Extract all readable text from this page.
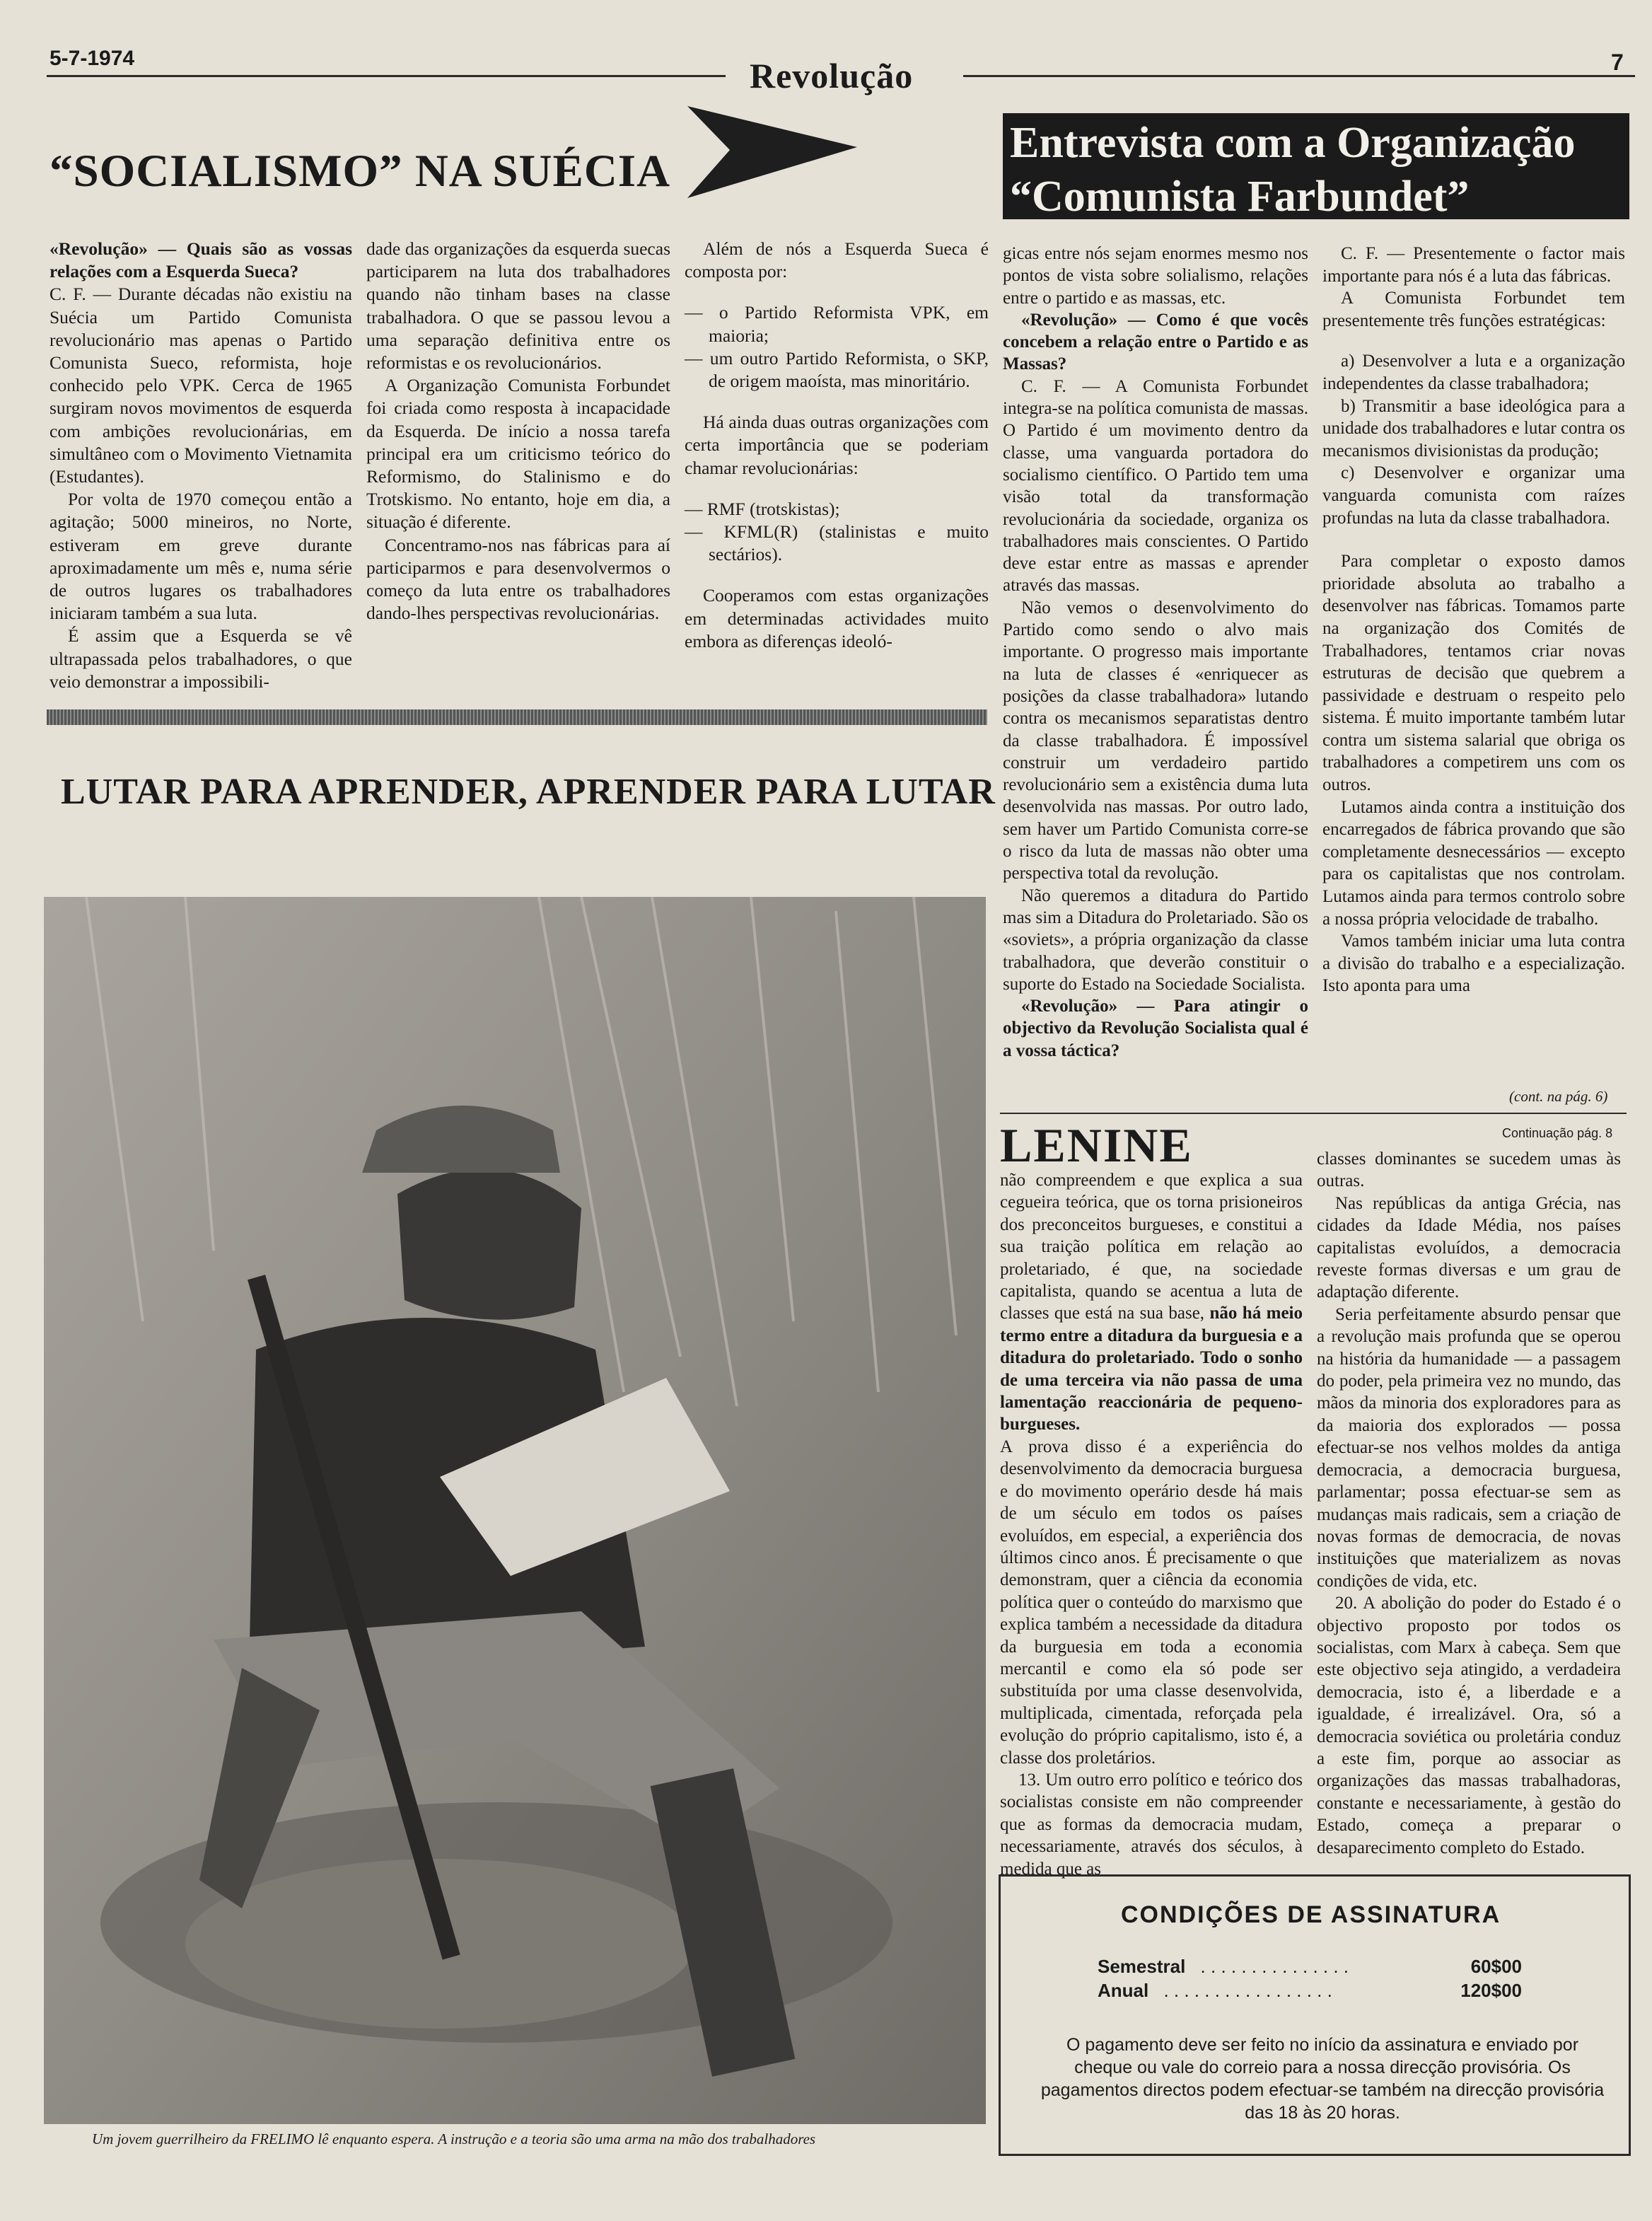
5-7-1974	Revolução	7
“SOCIALISMO” NA SUÉCIA

«Revolução» — Quais são as vossas relações com a Esquerda Sueca?

C. F. — Durante décadas não existiu na Suécia um Partido Comunista revolucionário mas apenas o Partido Comunista Sueco, reformista, hoje conhecido pelo VPK. Cerca de 1965 surgiram novos movimentos de esquerda com ambições revolucionárias, em simultâneo com o Movimento Vietnamita (Estudantes).

Por volta de 1970 começou então a agitação; 5000 mineiros, no Norte, estiveram em greve durante aproximadamente um mês e, numa série de outros lugares os trabalhadores iniciaram também a sua luta.

É assim que a Esquerda se vê ultrapassada pelos trabalhadores, o que veio demonstrar a impossibili-

dade das organizações da esquerda suecas participarem na luta dos trabalhadores quando não tinham bases na classe trabalhadora. O que se passou levou a uma separação definitiva entre os reformistas e os revolucionários.

A Organização Comunista Forbundet foi criada como resposta à incapacidade da Esquerda. De início a nossa tarefa principal era um criticismo teórico do Reformismo, do Stalinismo e do Trotskismo. No entanto, hoje em dia, a situação é diferente.

Concentramo-nos nas fábricas para aí participarmos e para desenvolvermos o começo da luta entre os trabalhadores dando-lhes perspectivas revolucionárias.

Além de nós a Esquerda Sueca é composta por:

— o Partido Reformista VPK, em maioria;

— um outro Partido Reformista, o SKP, de origem maoísta, mas minoritário.

Há ainda duas outras organizações com certa importância que se poderiam chamar revolucionárias:

— RMF (trotskistas);

— KFML(R) (stalinistas e muito sectários).

Cooperamos com estas organizações em determinadas actividades muito embora as diferenças ideoló-

Entrevista com a Organização
“Comunista Farbundet”

gicas entre nós sejam enormes mesmo nos pontos de vista sobre solialismo, relações entre o partido e as massas, etc.

«Revolução» — Como é que vocês concebem a relação entre o Partido e as Massas?

C. F. — A Comunista Forbundet integra-se na política comunista de massas. O Partido é um movimento dentro da classe, uma vanguarda portadora do socialismo científico. O Partido tem uma visão total da transformação revolucionária da sociedade, organiza os trabalhadores mais conscientes. O Partido deve estar entre as massas e aprender através das massas.

Não vemos o desenvolvimento do Partido como sendo o alvo mais importante. O progresso mais importante na luta de classes é «enriquecer as posições da classe trabalhadora» lutando contra os mecanismos separatistas dentro da classe trabalhadora. É impossível construir um verdadeiro partido revolucionário sem a existência duma luta desenvolvida nas massas. Por outro lado, sem haver um Partido Comunista corre-se o risco da luta de massas não obter uma perspectiva total da revolução.

Não queremos a ditadura do Partido mas sim a Ditadura do Proletariado. São os «soviets», a própria organização da classe trabalhadora, que deverão constituir o suporte do Estado na Sociedade Socialista.

«Revolução» — Para atingir o objectivo da Revolução Socialista qual é a vossa táctica?

C. F. — Presentemente o factor mais importante para nós é a luta das fábricas.

A Comunista Forbundet tem presentemente três funções estratégicas:

a) Desenvolver a luta e a organização independentes da classe trabalhadora;

b) Transmitir a base ideológica para a unidade dos trabalhadores e lutar contra os mecanismos divisionistas da produção;

c) Desenvolver e organizar uma vanguarda comunista com raízes profundas na luta da classe trabalhadora.

Para completar o exposto damos prioridade absoluta ao trabalho a desenvolver nas fábricas. Tomamos parte na organização dos Comités de Trabalhadores, tentamos criar novas estruturas de decisão que quebrem a passividade e destruam o respeito pelo sistema. É muito importante também lutar contra um sistema salarial que obriga os trabalhadores a competirem uns com os outros.

Lutamos ainda contra a instituição dos encarregados de fábrica provando que são completamente desnecessários — excepto para os capitalistas que nos controlam. Lutamos ainda para termos controlo sobre a nossa própria velocidade de trabalho.

Vamos também iniciar uma luta contra a divisão do trabalho e a especialização. Isto aponta para uma

(cont. na pág. 6)
LUTAR PARA APRENDER, APRENDER PARA LUTAR
Um jovem guerrilheiro da FRELIMO lê enquanto espera. A instrução e a teoria são uma arma na mão dos trabalhadores
LENINE	Continuação pág. 8

não compreendem e que explica a sua cegueira teórica, que os torna prisioneiros dos preconceitos burgueses, e constitui a sua traição política em relação ao proletariado, é que, na sociedade capitalista, quando se acentua a luta de classes que está na sua base, não há meio termo entre a ditadura da burguesia e a ditadura do proletariado. Todo o sonho de uma terceira via não passa de uma lamentação reaccionária de pequeno-burgueses.

A prova disso é a experiência do desenvolvimento da democracia burguesa e do movimento operário desde há mais de um século em todos os países evoluídos, em especial, a experiência dos últimos cinco anos. É precisamente o que demonstram, quer a ciência da economia política quer o conteúdo do marxismo que explica também a necessidade da ditadura da burguesia em toda a economia mercantil e como ela só pode ser substituída por uma classe desenvolvida, multiplicada, cimentada, reforçada pela evolução do próprio capitalismo, isto é, a classe dos proletários.

13. Um outro erro político e teórico dos socialistas consiste em não compreender que as formas da democracia mudam, necessariamente, através dos séculos, à medida que as

classes dominantes se sucedem umas às outras.

Nas repúblicas da antiga Grécia, nas cidades da Idade Média, nos países capitalistas evoluídos, a democracia reveste formas diversas e um grau de adaptação diferente.

Seria perfeitamente absurdo pensar que a revolução mais profunda que se operou na história da humanidade — a passagem do poder, pela primeira vez no mundo, das mãos da minoria dos exploradores para as da maioria dos explorados — possa efectuar-se nos velhos moldes da antiga democracia, a democracia burguesa, parlamentar; possa efectuar-se sem as mudanças mais radicais, sem a criação de novas formas de democracia, de novas instituições que materializem as novas condições de vida, etc.

20. A abolição do poder do Estado é o objectivo proposto por todos os socialistas, com Marx à cabeça. Sem que este objectivo seja atingido, a verdadeira democracia, isto é, a liberdade e a igualdade, é irrealizável. Ora, só a democracia soviética ou proletária conduz a este fim, porque ao associar as organizações das massas trabalhadoras, constante e necessariamente, à gestão do Estado, começa a preparar o desaparecimento completo do Estado.

CONDIÇÕES DE ASSINATURA
Semestral . . . . . . . . . . . . . . .	60$00
Anual . . . . . . . . . . . . . . . . .	120$00
O pagamento deve ser feito no início da assinatura e enviado por cheque ou vale do correio para a nossa direcção provisória. Os pagamentos directos podem efectuar-se também na direcção provisória das 18 às 20 horas.
